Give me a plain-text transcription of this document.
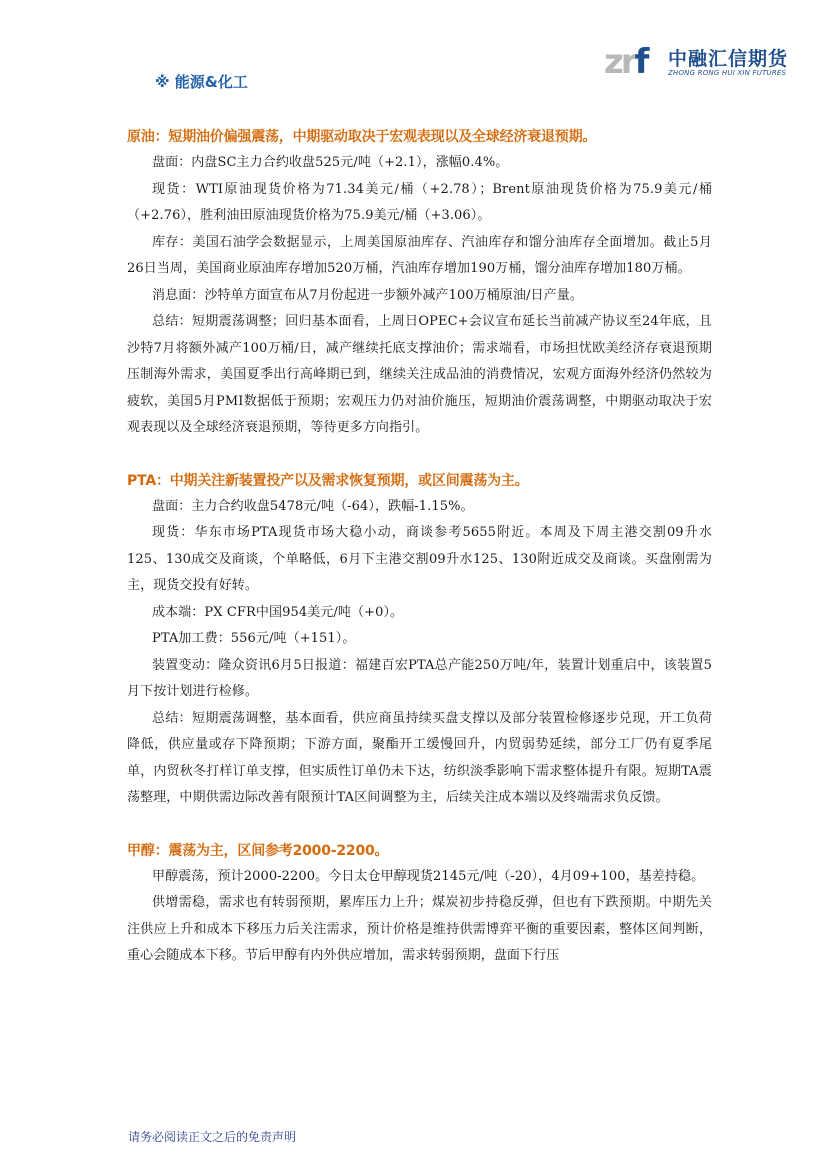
zrf 中融汇信期货
ZHONG RONG HUI XIN FUTURES
※ 能源&化工
原油：短期油价偏强震荡，中期驱动取决于宏观表现以及全球经济衰退预期。
盘面：内盘SC主力合约收盘525元/吨（+2.1），涨幅0.4%。
现货：WTI原油现货价格为71.34美元/桶（+2.78）；Brent原油现货价格为75.9美元/桶（+2.76），胜利油田原油现货价格为75.9美元/桶（+3.06）。
库存：美国石油学会数据显示，上周美国原油库存、汽油库存和馏分油库存全面增加。截止5月26日当周，美国商业原油库存增加520万桶，汽油库存增加190万桶，馏分油库存增加180万桶。
消息面：沙特单方面宣布从7月份起进一步额外减产100万桶原油/日产量。
总结：短期震荡调整；回归基本面看，上周日OPEC+会议宣布延长当前减产协议至24年底，且沙特7月将额外减产100万桶/日，减产继续托底支撑油价；需求端看，市场担忧欧美经济存衰退预期压制海外需求，美国夏季出行高峰期已到，继续关注成品油的消费情况，宏观方面海外经济仍然较为疲软，美国5月PMI数据低于预期；宏观压力仍对油价施压，短期油价震荡调整，中期驱动取决于宏观表现以及全球经济衰退预期，等待更多方向指引。
PTA：中期关注新装置投产以及需求恢复预期，或区间震荡为主。
盘面：主力合约收盘5478元/吨（-64），跌幅-1.15%。
现货：华东市场PTA现货市场大稳小动，商谈参考5655附近。本周及下周主港交割09升水125、130成交及商谈，个单略低，6月下主港交割09升水125、130附近成交及商谈。买盘刚需为主，现货交投有好转。
成本端：PX CFR中国954美元/吨（+0）。
PTA加工费：556元/吨（+151）。
装置变动：隆众资讯6月5日报道：福建百宏PTA总产能250万吨/年，装置计划重启中，该装置5月下按计划进行检修。
总结：短期震荡调整，基本面看，供应商虽持续买盘支撑以及部分装置检修逐步兑现，开工负荷降低，供应量或存下降预期；下游方面，聚酯开工缓慢回升，内贸弱势延续，部分工厂仍有夏季尾单，内贸秋冬打样订单支撑，但实质性订单仍未下达，纺织淡季影响下需求整体提升有限。短期TA震荡整理，中期供需边际改善有限预计TA区间调整为主，后续关注成本端以及终端需求负反馈。
甲醇：震荡为主，区间参考2000-2200。
甲醇震荡，预计2000-2200。今日太仓甲醇现货2145元/吨（-20），4月09+100，基差持稳。
供增需稳，需求也有转弱预期，累库压力上升；煤炭初步持稳反弹，但也有下跌预期。中期先关注供应上升和成本下移压力后关注需求，预计价格是维持供需博弈平衡的重要因素，整体区间判断，重心会随成本下移。节后甲醇有内外供应增加，需求转弱预期，盘面下行压
请务必阅读正文之后的免责声明
